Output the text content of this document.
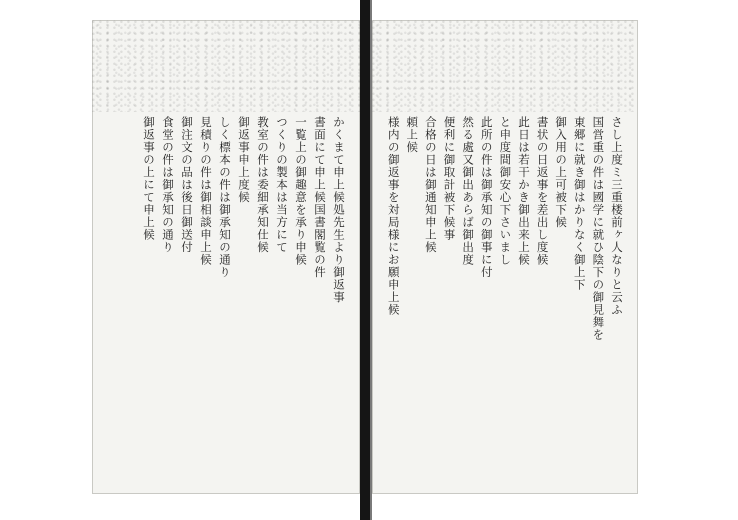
かくまて申上候処先生より御返事
書面にて申上候国書閣覧の件
一覧上の御趣意を承り申候
つくりの製本は当方にて
教室の件は委細承知仕候
御返事申上度候
しく標本の件は御承知の通り
見積りの件は御相談申上候
御注文の品は後日御送付
食堂の件は御承知の通り
御返事の上にて申上候	さし上度ミ三重楼前ヶ人なりと云ふ
国営重の件は國学に就ひ陰下の御見舞を
東郷に就き御はかりなく御上下
御入用の上可被下候
書状の日返事を差出し度候
此日は若干かき御出来上候
と申度間御安心下さいまし
此所の件は御承知の御事に付
然る處又御出あらば御出度
便利に御取計被下候事
合格の日は御通知申上候
頼上候
様内の御返事を対局様にお願申上候
